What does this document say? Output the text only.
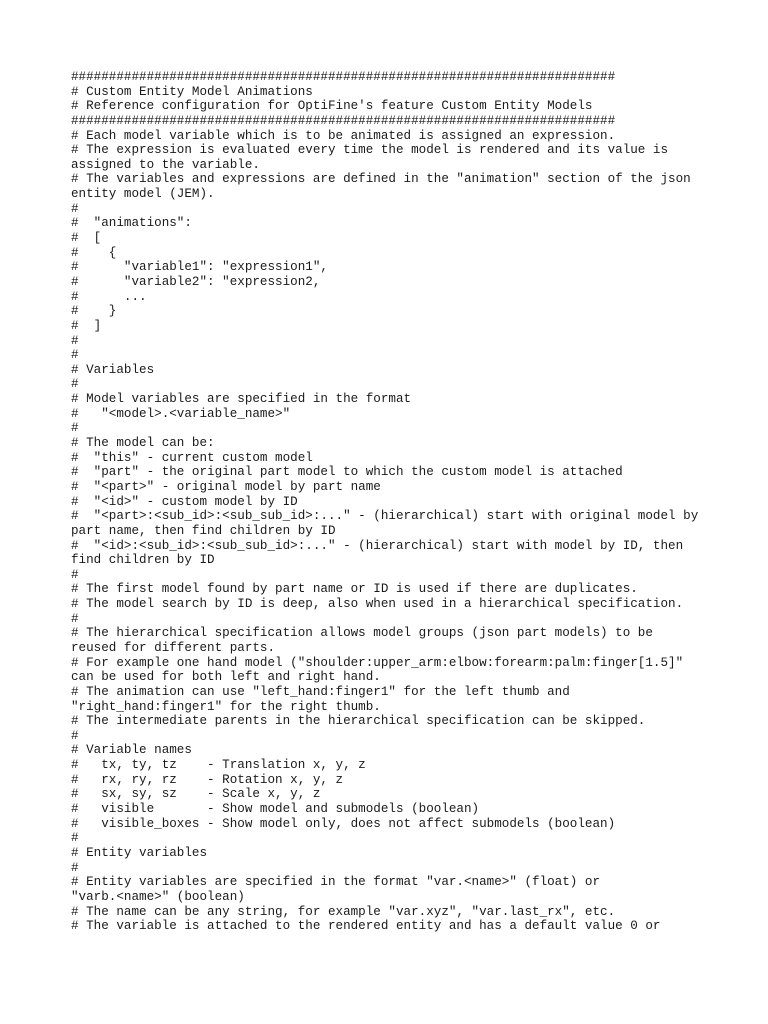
########################################################################
# Custom Entity Model Animations
# Reference configuration for OptiFine's feature Custom Entity Models
########################################################################
# Each model variable which is to be animated is assigned an expression.
# The expression is evaluated every time the model is rendered and its value is
assigned to the variable.
# The variables and expressions are defined in the "animation" section of the json
entity model (JEM).
#
#  "animations":
#  [
#    {
#      "variable1": "expression1",
#      "variable2": "expression2,
#      ...
#    }
#  ]
#
#
# Variables
#
# Model variables are specified in the format
#   "<model>.<variable_name>"
#
# The model can be:
#  "this" - current custom model
#  "part" - the original part model to which the custom model is attached
#  "<part>" - original model by part name
#  "<id>" - custom model by ID
#  "<part>:<sub_id>:<sub_sub_id>:..." - (hierarchical) start with original model by
part name, then find children by ID
#  "<id>:<sub_id>:<sub_sub_id>:..." - (hierarchical) start with model by ID, then
find children by ID
#
# The first model found by part name or ID is used if there are duplicates.
# The model search by ID is deep, also when used in a hierarchical specification.
#
# The hierarchical specification allows model groups (json part models) to be
reused for different parts.
# For example one hand model ("shoulder:upper_arm:elbow:forearm:palm:finger[1.5]"
can be used for both left and right hand.
# The animation can use "left_hand:finger1" for the left thumb and
"right_hand:finger1" for the right thumb.
# The intermediate parents in the hierarchical specification can be skipped.
#
# Variable names
#   tx, ty, tz    - Translation x, y, z
#   rx, ry, rz    - Rotation x, y, z
#   sx, sy, sz    - Scale x, y, z
#   visible       - Show model and submodels (boolean)
#   visible_boxes - Show model only, does not affect submodels (boolean)
#
# Entity variables
#
# Entity variables are specified in the format "var.<name>" (float) or
"varb.<name>" (boolean)
# The name can be any string, for example "var.xyz", "var.last_rx", etc.
# The variable is attached to the rendered entity and has a default value 0 or
